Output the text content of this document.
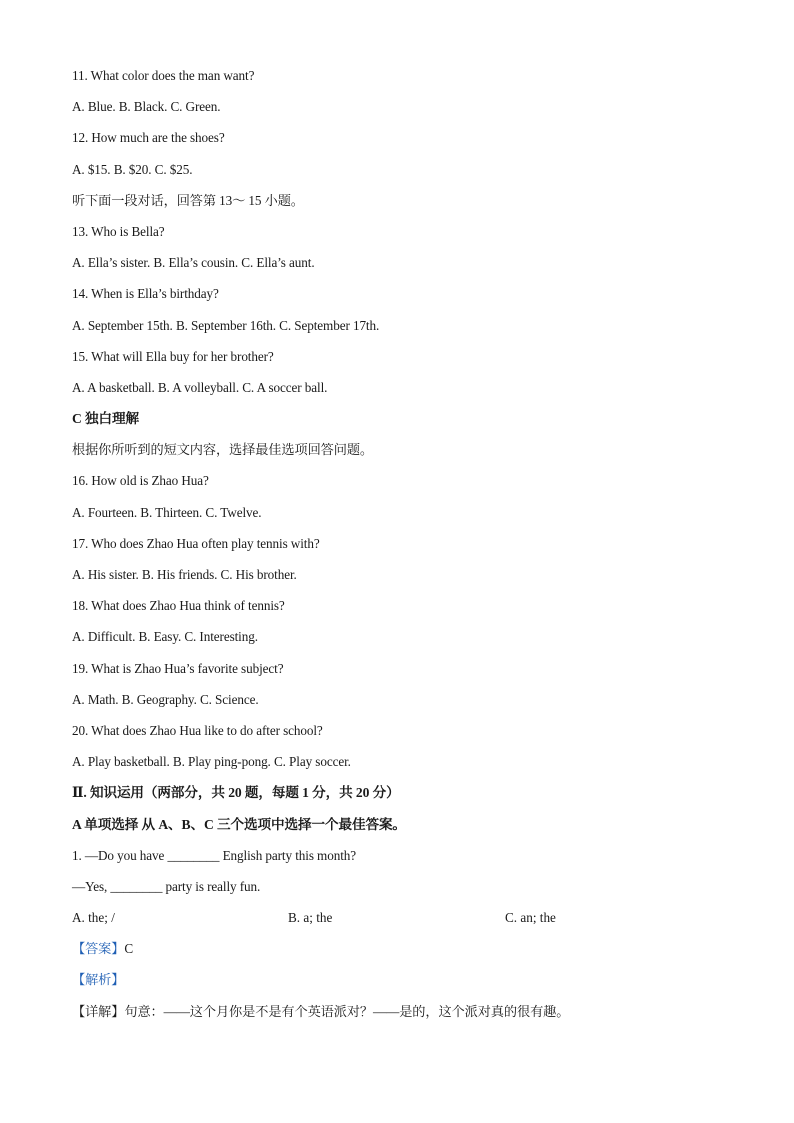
11. What color does the man want?
A. Blue. B. Black. C. Green.
12. How much are the shoes?
A. $15. B. $20. C. $25.
听下面一段对话，回答第 13～ 15 小题。
13. Who is Bella?
A. Ella’s sister. B. Ella’s cousin. C. Ella’s aunt.
14. When is Ella’s birthday?
A. September 15th. B. September 16th. C. September 17th.
15. What will Ella buy for her brother?
A. A basketball. B. A volleyball. C. A soccer ball.
C 独白理解
根据你所听到的短文内容，选择最佳选项回答问题。
16. How old is Zhao Hua?
A. Fourteen. B. Thirteen. C. Twelve.
17. Who does Zhao Hua often play tennis with?
A. His sister. B. His friends. C. His brother.
18. What does Zhao Hua think of tennis?
A. Difficult. B. Easy. C. Interesting.
19. What is Zhao Hua’s favorite subject?
A. Math. B. Geography. C. Science.
20. What does Zhao Hua like to do after school?
A. Play basketball. B. Play ping-pong. C. Play soccer.
Ⅱ. 知识运用（两部分，共 20 题，每题 1 分，共 20 分）
A 单项选择 从 A、B、C 三个选项中选择一个最佳答案。
1. —Do you have ________ English party this month?
—Yes, ________ party is really fun.
A. the; /	B. a; the	C. an; the
【答案】C
【解析】
【详解】句意：——这个月你是不是有个英语派对？——是的，这个派对真的很有趣。
